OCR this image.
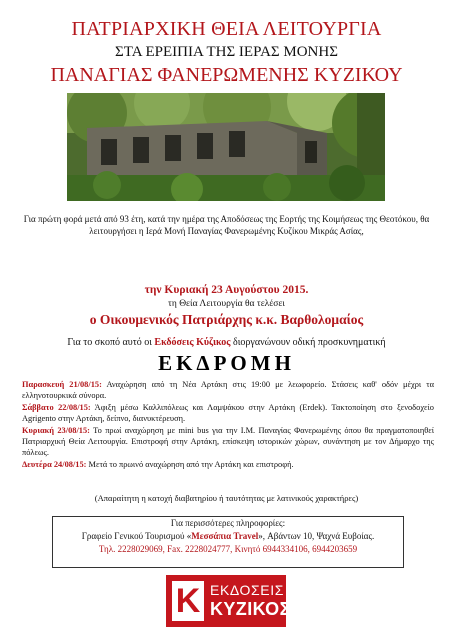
ΠΑΤΡΙΑΡΧΙΚΗ ΘΕΙΑ ΛΕΙΤΟΥΡΓΙΑ
ΣΤΑ ΕΡΕΙΠΙΑ ΤΗΣ ΙΕΡΑΣ ΜΟΝΗΣ
ΠΑΝΑΓΙΑΣ ΦΑΝΕΡΩΜΕΝΗΣ ΚΥΖΙΚΟΥ
Για πρώτη φορά μετά από 93 έτη, κατά την ημέρα της Αποδόσεως της Εορτής της Κοιμήσεως της Θεοτόκου, θα λειτουργήσει η Ιερά Μονή Παναγίας Φανερωμένης Κυζίκου Μικράς Ασίας,
την Κυριακή 23 Αυγούστου 2015.
τη Θεία Λειτουργία θα τελέσει
ο Οικουμενικός Πατριάρχης κ.κ. Βαρθολομαίος
Για το σκοπό αυτό οι Εκδόσεις Κύζικος διοργανώνουν οδική προσκυνηματική
ΕΚΔΡΟΜΗ

Παρασκευή 21/08/15: Αναχώρηση από τη Νέα Αρτάκη στις 19:00 με λεωφορείο. Στάσεις καθ' οδόν μέχρι τα ελληνοτουρκικά σύνορα.

Σάββατο 22/08/15: Άφιξη μέσω Καλλιπόλεως και Λαμψάκου στην Αρτάκη (Erdek). Τακτοποίηση στο ξενοδοχείο Agrigento στην Αρτάκη, δείπνο, διανυκτέρευση.

Κυριακή 23/08/15: Το πρωί αναχώρηση με mini bus για την Ι.Μ. Παναγίας Φανερωμένης όπου θα πραγματοποιηθεί Πατριαρχική Θεία Λειτουργία. Επιστροφή στην Αρτάκη, επίσκεψη ιστορικών χώρων, συνάντηση με τον Δήμαρχο της πόλεως.

Δευτέρα 24/08/15: Μετά το πρωινό αναχώρηση από την Αρτάκη και επιστροφή.

(Απαραίτητη η κατοχή διαβατηρίου ή ταυτότητας με λατινικούς χαρακτήρες)
Για περισσότερες πληροφορίες:
Γραφείο Γενικού Τουρισμού «Μεσσάπια Travel», Αβάντων 10, Ψαχνά Ευβοίας.
Τηλ. 2228029069, Fax. 2228024777, Κινητό 6944334106, 6944203659
Κ ΕΚΔΟΣΕΙΣ
ΚΥΖΙΚΟΣ
